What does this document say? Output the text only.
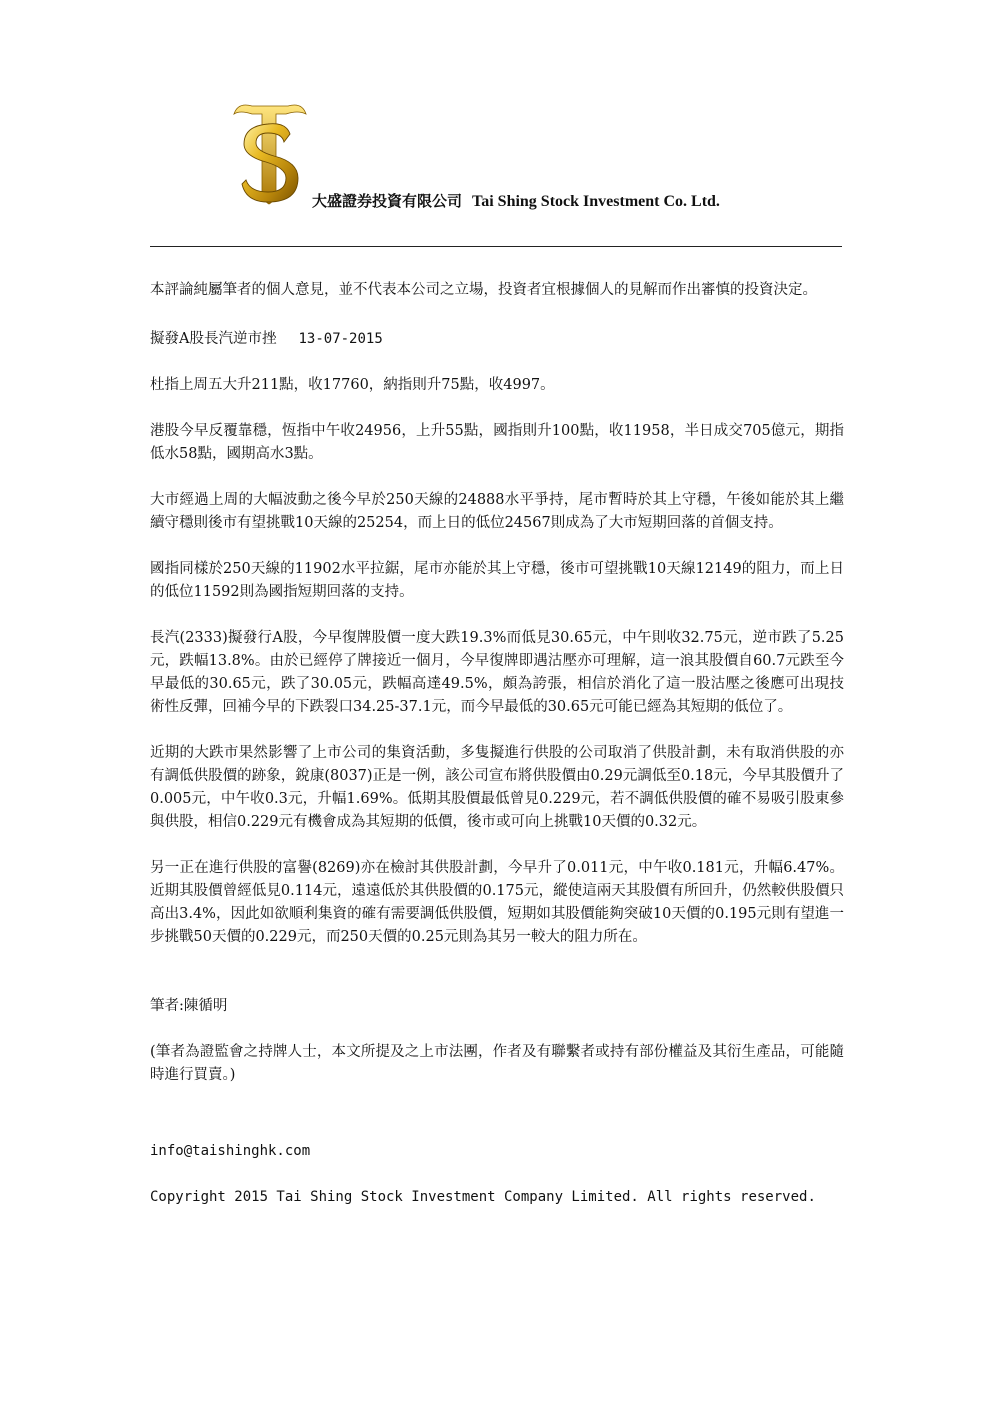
大盛證券投資有限公司 Tai Shing Stock Investment Co. Ltd.

本評論純屬筆者的個人意見，並不代表本公司之立場，投資者宜根據個人的見解而作出審慎的投資決定。

擬發A股長汽逆市挫 13-07-2015

杜指上周五大升211點，收17760，納指則升75點，收4997。

港股今早反覆靠穩，恆指中午收24956，上升55點，國指則升100點，收11958，半日成交705億元，期指低水58點，國期高水3點。

大市經過上周的大幅波動之後今早於250天線的24888水平爭持，尾市暫時於其上守穩，午後如能於其上繼續守穩則後市有望挑戰10天線的25254，而上日的低位24567則成為了大市短期回落的首個支持。

國指同樣於250天線的11902水平拉鋸，尾市亦能於其上守穩，後市可望挑戰10天線12149的阻力，而上日的低位11592則為國指短期回落的支持。

長汽(2333)擬發行A股，今早復牌股價一度大跌19.3%而低見30.65元，中午則收32.75元，逆市跌了5.25元，跌幅13.8%。由於已經停了牌接近一個月，今早復牌即遇沽壓亦可理解，這一浪其股價自60.7元跌至今早最低的30.65元，跌了30.05元，跌幅高達49.5%，頗為誇張，相信於消化了這一股沽壓之後應可出現技術性反彈，回補今早的下跌裂口34.25-37.1元，而今早最低的30.65元可能已經為其短期的低位了。

近期的大跌市果然影響了上市公司的集資活動，多隻擬進行供股的公司取消了供股計劃，未有取消供股的亦有調低供股價的跡象，銳康(8037)正是一例，該公司宣布將供股價由0.29元調低至0.18元，今早其股價升了0.005元，中午收0.3元，升幅1.69%。低期其股價最低曾見0.229元，若不調低供股價的確不易吸引股東參與供股，相信0.229元有機會成為其短期的低價，後市或可向上挑戰10天價的0.32元。

另一正在進行供股的富譽(8269)亦在檢討其供股計劃，今早升了0.011元，中午收0.181元，升幅6.47%。近期其股價曾經低見0.114元，遠遠低於其供股價的0.175元，縱使這兩天其股價有所回升，仍然較供股價只高出3.4%，因此如欲順利集資的確有需要調低供股價，短期如其股價能夠突破10天價的0.195元則有望進一步挑戰50天價的0.229元，而250天價的0.25元則為其另一較大的阻力所在。

筆者:陳循明

(筆者為證監會之持牌人士，本文所提及之上市法團，作者及有聯繫者或持有部份權益及其衍生產品，可能隨時進行買賣。)

info@taishinghk.com

Copyright 2015 Tai Shing Stock Investment Company Limited. All rights reserved.
